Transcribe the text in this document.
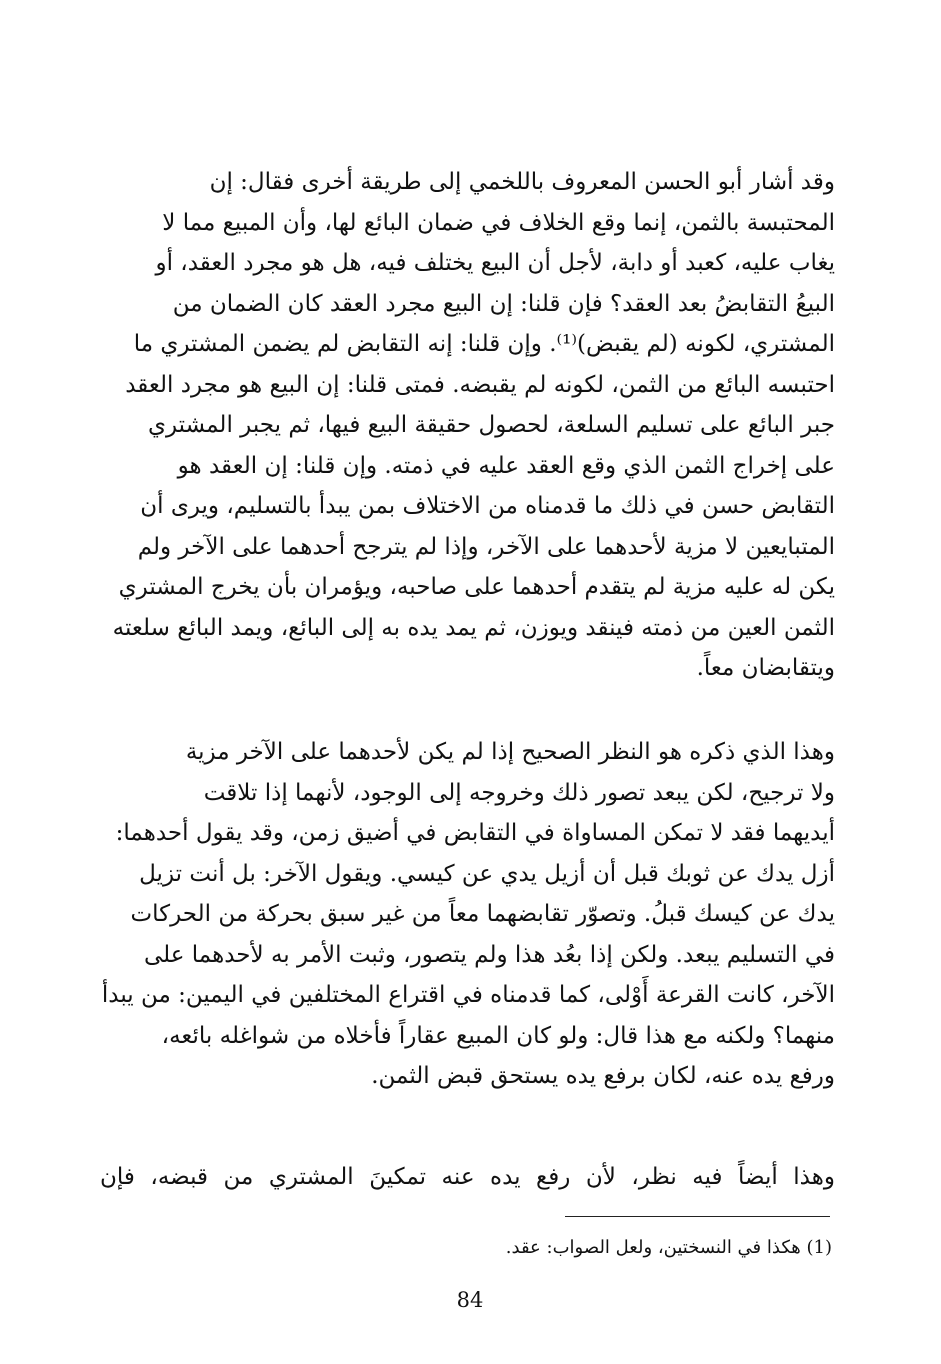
وقد أشار أبو الحسن المعروف باللخمي إلى طريقة أخرى فقال: إن
المحتبسة بالثمن، إنما وقع الخلاف في ضمان البائع لها، وأن المبيع مما لا
يغاب عليه، كعبد أو دابة، لأجل أن البيع يختلف فيه، هل هو مجرد العقد، أو
البيعُ التقابضُ بعد العقد؟ فإن قلنا: إن البيع مجرد العقد كان الضمان من
المشتري، لكونه (لم يقبض)⁽¹⁾. وإن قلنا: إنه التقابض لم يضمن المشتري ما
احتبسه البائع من الثمن، لكونه لم يقبضه. فمتى قلنا: إن البيع هو مجرد العقد
جبر البائع على تسليم السلعة، لحصول حقيقة البيع فيها، ثم يجبر المشتري
على إخراج الثمن الذي وقع العقد عليه في ذمته. وإن قلنا: إن العقد هو
التقابض حسن في ذلك ما قدمناه من الاختلاف بمن يبدأ بالتسليم، ويرى أن
المتبايعين لا مزية لأحدهما على الآخر، وإذا لم يترجح أحدهما على الآخر ولم
يكن له عليه مزية لم يتقدم أحدهما على صاحبه، ويؤمران بأن يخرج المشتري
الثمن العين من ذمته فينقد ويوزن، ثم يمد يده به إلى البائع، ويمد البائع سلعته
ويتقابضان معاً.

وهذا الذي ذكره هو النظر الصحيح إذا لم يكن لأحدهما على الآخر مزية
ولا ترجيح، لكن يبعد تصور ذلك وخروجه إلى الوجود، لأنهما إذا تلاقت
أيديهما فقد لا تمكن المساواة في التقابض في أضيق زمن، وقد يقول أحدهما:
أزل يدك عن ثوبك قبل أن أزيل يدي عن كيسي. ويقول الآخر: بل أنت تزيل
يدك عن كيسك قبلُ. وتصوّر تقابضهما معاً من غير سبق بحركة من الحركات
في التسليم يبعد. ولكن إذا بعُد هذا ولم يتصور، وثبت الأمر به لأحدهما على
الآخر، كانت القرعة أَوْلى، كما قدمناه في اقتراع المختلفين في اليمين: من يبدأ
منهما؟ ولكنه مع هذا قال: ولو كان المبيع عقاراً فأخلاه من شواغله بائعه،
ورفع يده عنه، لكان برفع يده يستحق قبض الثمن.

وهذا أيضاً فيه نظر، لأن رفع يده عنه تمكينَ المشتري من قبضه، فإن

(1) هكذا في النسختين، ولعل الصواب: عقد.
84
